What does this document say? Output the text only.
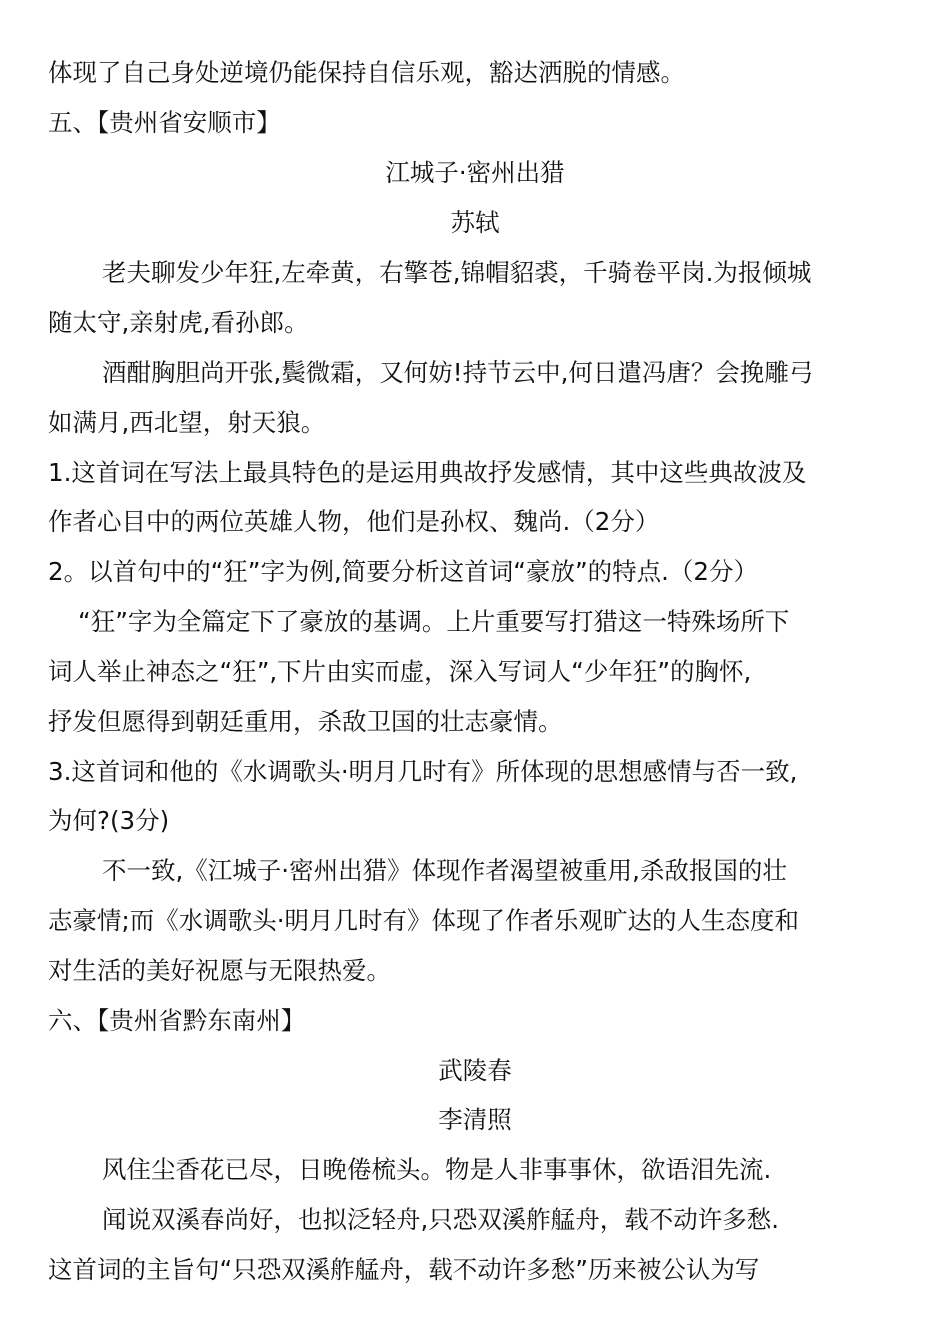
体现了自己身处逆境仍能保持自信乐观，豁达洒脱的情感。
五、【贵州省安顺市】
江城子·密州出猎
苏轼
老夫聊发少年狂,左牵黄，右擎苍,锦帽貂裘，千骑卷平岗.为报倾城
随太守,亲射虎,看孙郎。
酒酣胸胆尚开张,鬓微霜，又何妨!持节云中,何日遣冯唐？会挽雕弓
如满月,西北望，射天狼。
1.这首词在写法上最具特色的是运用典故抒发感情，其中这些典故波及
作者心目中的两位英雄人物，他们是孙权、魏尚.（2分）
2。以首句中的“狂”字为例,简要分析这首词“豪放”的特点.（2分）
“狂”字为全篇定下了豪放的基调。上片重要写打猎这一特殊场所下
词人举止神态之“狂”,下片由实而虚，深入写词人“少年狂”的胸怀,
抒发但愿得到朝廷重用，杀敌卫国的壮志豪情。
3.这首词和他的《水调歌头·明月几时有》所体现的思想感情与否一致,
为何?(3分)
不一致,《江城子·密州出猎》体现作者渴望被重用,杀敌报国的壮
志豪情;而《水调歌头·明月几时有》体现了作者乐观旷达的人生态度和
对生活的美好祝愿与无限热爱。
六、【贵州省黔东南州】
武陵春
李清照
风住尘香花已尽，日晚倦梳头。物是人非事事休，欲语泪先流.
闻说双溪春尚好，也拟泛轻舟,只恐双溪舴艋舟，载不动许多愁.
这首词的主旨句“只恐双溪舴艋舟，载不动许多愁”历来被公认为写
